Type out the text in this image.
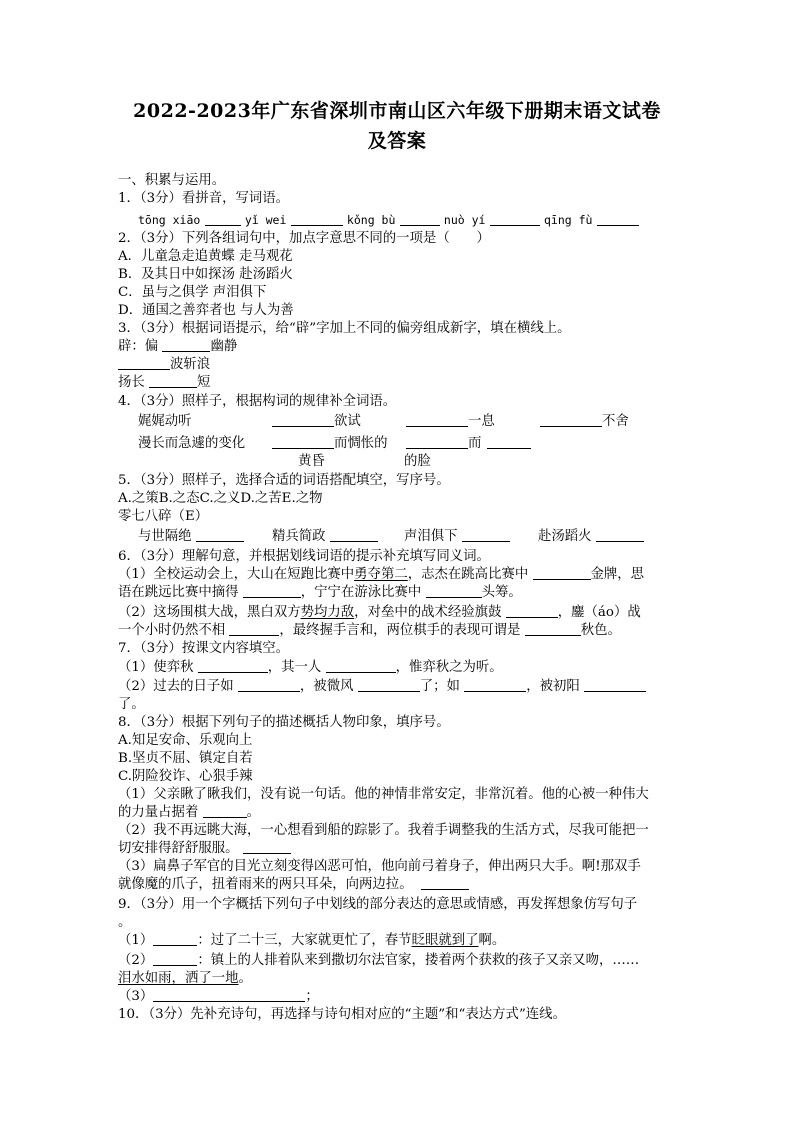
2022-2023年广东省深圳市南山区六年级下册期末语文试卷
及答案
一、积累与运用。
1．（3分）看拼音，写词语。
tōng xiāo	yǐ wei	kǒng bù	nuò yí	qīng fù
2．（3分）下列各组词句中，加点字意思不同的一项是（　　）
A．儿童急走追黄蝶 走马观花
B．及其日中如探汤 赴汤蹈火
C．虽与之俱学 声泪俱下
D．通国之善弈者也 与人为善
3．（3分）根据词语提示，给“辟”字加上不同的偏旁组成新字，填在横线上。
辟：偏	幽静
波斩浪
扬长	短
4．（3分）照样子，根据构词的规律补全词语。
娓娓动听	欲试	一息	不舍
漫长而急遽的变化	而惆怅的	而
黄昏	的脸
5．（3分）照样子，选择合适的词语搭配填空，写序号。
A.之策B.之态C.之义D.之苦E.之物
零七八碎（E）
与世隔绝	精兵简政	声泪俱下	赴汤蹈火
6．（3分）理解句意，并根据划线词语的提示补充填写同义词。
（1）全校运动会上，大山在短跑比赛中勇夺第二，志杰在跳高比赛中	金牌，思
语在跳远比赛中摘得	，宁宁在游泳比赛中	头筹。
（2）这场围棋大战，黑白双方势均力敌，对垒中的战术经验旗鼓	，鏖（áo）战
一个小时仍然不相	，最终握手言和，两位棋手的表现可谓是	秋色。
7．（3分）按课文内容填空。
（1）使弈秋	，其一人	，惟弈秋之为听。
（2）过去的日子如	，被微风	了；如	，被初阳
了。
8．（3分）根据下列句子的描述概括人物印象，填序号。
A.知足安命、乐观向上
B.坚贞不屈、镇定自若
C.阴险狡诈、心狠手辣
（1）父亲瞅了瞅我们，没有说一句话。他的神情非常安定，非常沉着。他的心被一种伟大
的力量占据着	。
（2）我不再远眺大海，一心想看到船的踪影了。我着手调整我的生活方式，尽我可能把一
切安排得舒舒服服。
（3）扁鼻子军官的目光立刻变得凶恶可怕，他向前弓着身子，伸出两只大手。啊!那双手
就像魔的爪子，扭着雨来的两只耳朵，向两边拉。
9．（3分）用一个字概括下列句子中划线的部分表达的意思或情感，再发挥想象仿写句子
。
（1）	：过了二十三，大家就更忙了，春节眨眼就到了啊。
（2）	：镇上的人排着队来到撒切尔法官家，搂着两个获救的孩子又亲又吻，……
泪水如雨，洒了一地。
（3）	；
10．（3分）先补充诗句，再选择与诗句相对应的“主题”和“表达方式”连线。
